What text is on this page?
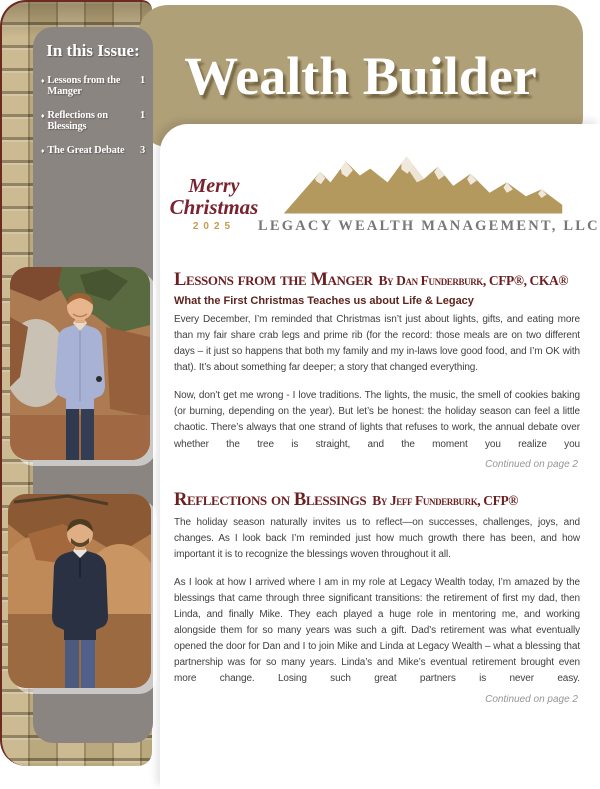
Wealth Builder
In this Issue:
♦ Lessons from the Manger
1
♦ Reflections on Blessings
1
♦ The Great Debate	3
Merry
Christmas
2025	LEGACY WEALTH MANAGEMENT, LLC
Lessons from the Manger By Dan Funderburk, CFP®, CKA®
What the First Christmas Teaches us about Life & Legacy

Every December, I’m reminded that Christmas isn’t just about lights, gifts, and eating more than my fair share crab legs and prime rib (for the record: those meals are on two different days – it just so happens that both my family and my in-laws love good food, and I’m OK with that). It’s about something far deeper; a story that changed everything.

Now, don’t get me wrong - I love traditions. The lights, the music, the smell of cookies baking (or burning, depending on the year). But let’s be honest: the holiday season can feel a little chaotic. There’s always that one strand of lights that refuses to work, the annual debate over whether the tree is straight, and the moment you realize you

Continued on page 2
Reflections on Blessings By Jeff Funderburk, CFP®

The holiday season naturally invites us to reflect—on successes, challenges, joys, and changes. As I look back I’m reminded just how much growth there has been, and how important it is to recognize the blessings woven throughout it all.

As I look at how I arrived where I am in my role at Legacy Wealth today, I’m amazed by the blessings that came through three significant transitions: the retirement of first my dad, then Linda, and finally Mike. They each played a huge role in mentoring me, and working alongside them for so many years was such a gift. Dad’s retirement was what eventually opened the door for Dan and I to join Mike and Linda at Legacy Wealth – what a blessing that partnership was for so many years. Linda’s and Mike’s eventual retirement brought even more change. Losing such great partners is never easy.

Continued on page 2
